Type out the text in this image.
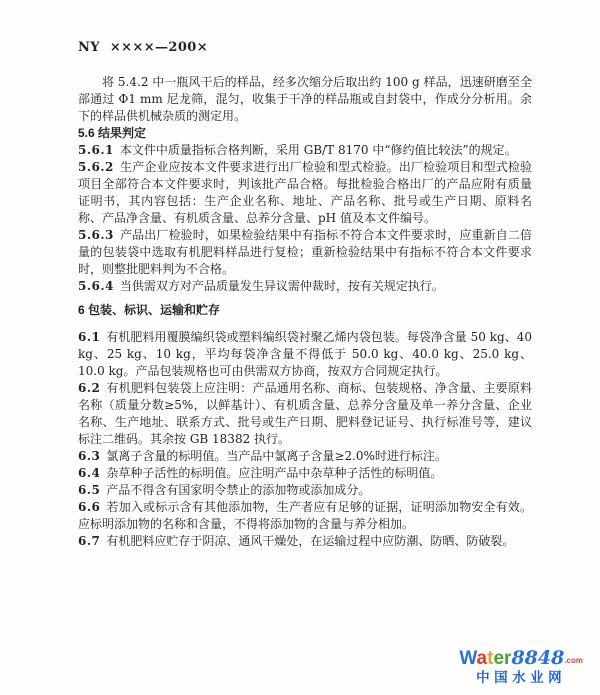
NY  ××××—200×

将 5.4.2 中一瓶风干后的样品，经多次缩分后取出约 100 g 样品，迅速研磨至全部通过 Φ1 mm 尼龙筛，混匀，收集于干净的样品瓶或自封袋中，作成分分析用。余下的样品供机械杂质的测定用。

5.6 结果判定

5.6.1 本文件中质量指标合格判断，采用 GB/T 8170 中“修约值比较法”的规定。

5.6.2 生产企业应按本文件要求进行出厂检验和型式检验。出厂检验项目和型式检验项目全部符合本文件要求时，判该批产品合格。每批检验合格出厂的产品应附有质量证明书，其内容包括：生产企业名称、地址、产品名称、批号或生产日期、原料名称、产品净含量、有机质含量、总养分含量、pH 值及本文件编号。

5.6.3 产品出厂检验时，如果检验结果中有指标不符合本文件要求时，应重新自二倍量的包装袋中选取有机肥料样品进行复检；重新检验结果中有指标不符合本文件要求时，则整批肥料判为不合格。

5.6.4 当供需双方对产品质量发生异议需仲裁时，按有关规定执行。

6 包装、标识、运输和贮存

6.1 有机肥料用覆膜编织袋或塑料编织袋衬聚乙烯内袋包装。每袋净含量 50 kg、40 kg、25 kg、10 kg，平均每袋净含量不得低于 50.0 kg、40.0 kg、25.0 kg、10.0 kg。产品包装规格也可由供需双方协商，按双方合同规定执行。

6.2 有机肥料包装袋上应注明：产品通用名称、商标、包装规格、净含量、主要原料名称（质量分数≥5%，以鲜基计）、有机质含量、总养分含量及单一养分含量、企业名称、生产地址、联系方式、批号或生产日期、肥料登记证号、执行标准号等，建议标注二维码。其余按 GB 18382 执行。

6.3 氯离子含量的标明值。当产品中氯离子含量≥2.0%时进行标注。

6.4 杂草种子活性的标明值。应注明产品中杂草种子活性的标明值。

6.5 产品不得含有国家明令禁止的添加物或添加成分。

6.6 若加入或标示含有其他添加物，生产者应有足够的证据，证明添加物安全有效。应标明添加物的名称和含量，不得将添加物的含量与养分相加。

6.7 有机肥料应贮存于阴凉、通风干燥处，在运输过程中应防潮、防晒、防破裂。

Water8848.com
中国水业网
